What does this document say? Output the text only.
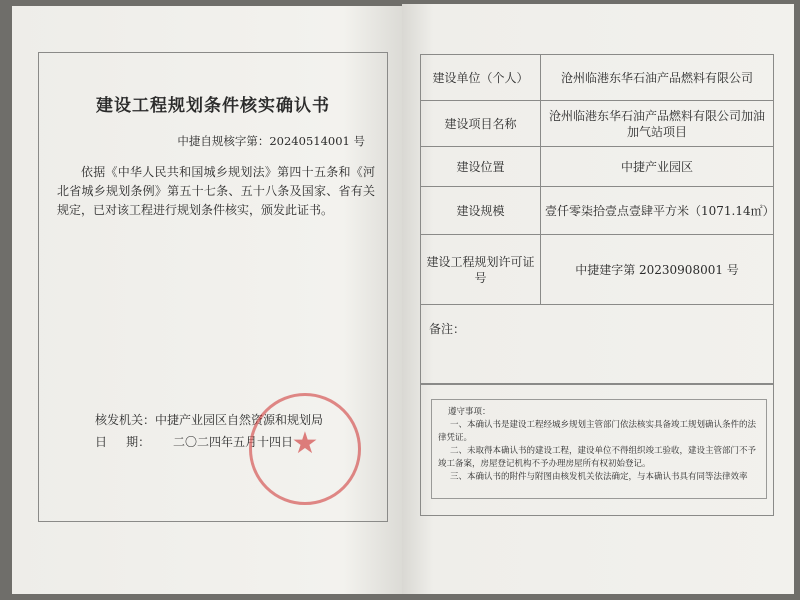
建设工程规划条件核实确认书
中捷自规核字第：20240514001 号
依据《中华人民共和国城乡规划法》第四十五条和《河北省城乡规划条例》第五十七条、五十八条及国家、省有关规定，已对该工程进行规划条件核实，颁发此证书。
核发机关：中捷产业园区自然资源和规划局
日     期： 二〇二四年五月十四日
★
建设单位（个人）	沧州临港东华石油产品燃料有限公司
建设项目名称	沧州临港东华石油产品燃料有限公司加油加气站项目
建设位置	中捷产业园区
建设规模	壹仟零柒拾壹点壹肆平方米（1071.14㎡）
建设工程规划许可证号	中捷建字第 20230908001 号
备注：
遵守事项：
一、本确认书是建设工程经城乡规划主管部门依法核实具备竣工规划确认条件的法律凭证。
二、未取得本确认书的建设工程，建设单位不得组织竣工验收，建设主管部门不予竣工备案，房屋登记机构不予办理房屋所有权初始登记。
三、本确认书的附件与附图由核发机关依法确定，与本确认书具有同等法律效率
